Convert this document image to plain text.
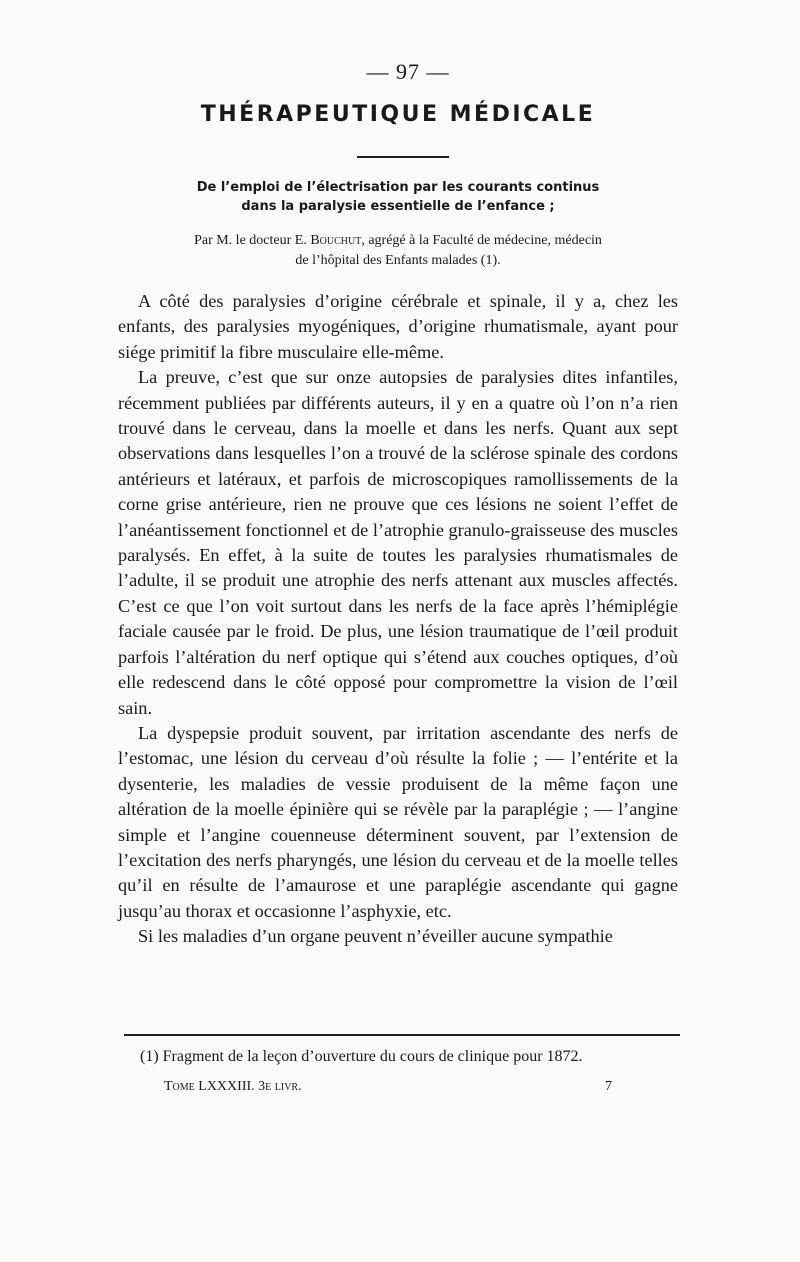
— 97 —
THÉRAPEUTIQUE MÉDICALE
De l’emploi de l’électrisation par les courants continus
dans la paralysie essentielle de l’enfance ;
Par M. le docteur E. Bouchut, agrégé à la Faculté de médecine, médecin
de l’hôpital des Enfants malades (1).

A côté des paralysies d’origine cérébrale et spinale, il y a, chez les enfants, des paralysies myogéniques, d’origine rhumatismale, ayant pour siége primitif la fibre musculaire elle-même.

La preuve, c’est que sur onze autopsies de paralysies dites infantiles, récemment publiées par différents auteurs, il y en a quatre où l’on n’a rien trouvé dans le cerveau, dans la moelle et dans les nerfs. Quant aux sept observations dans lesquelles l’on a trouvé de la sclérose spinale des cordons antérieurs et latéraux, et parfois de microscopiques ramollissements de la corne grise antérieure, rien ne prouve que ces lésions ne soient l’effet de l’anéantissement fonctionnel et de l’atrophie granulo-graisseuse des muscles paralysés. En effet, à la suite de toutes les paralysies rhumatismales de l’adulte, il se produit une atrophie des nerfs attenant aux muscles affectés. C’est ce que l’on voit surtout dans les nerfs de la face après l’hémiplégie faciale causée par le froid. De plus, une lésion traumatique de l’œil produit parfois l’altération du nerf optique qui s’étend aux couches optiques, d’où elle redescend dans le côté opposé pour compromettre la vision de l’œil sain.

La dyspepsie produit souvent, par irritation ascendante des nerfs de l’estomac, une lésion du cerveau d’où résulte la folie ; — l’entérite et la dysenterie, les maladies de vessie produisent de la même façon une altération de la moelle épinière qui se révèle par la paraplégie ; — l’angine simple et l’angine couenneuse déterminent souvent, par l’extension de l’excitation des nerfs pharyngés, une lésion du cerveau et de la moelle telles qu’il en résulte de l’amaurose et une paraplégie ascendante qui gagne jusqu’au thorax et occasionne l’asphyxie, etc.

Si les maladies d’un organe peuvent n’éveiller aucune sympathie

(1) Fragment de la leçon d’ouverture du cours de clinique pour 1872.
Tome LXXXIII. 3e livr.	7
